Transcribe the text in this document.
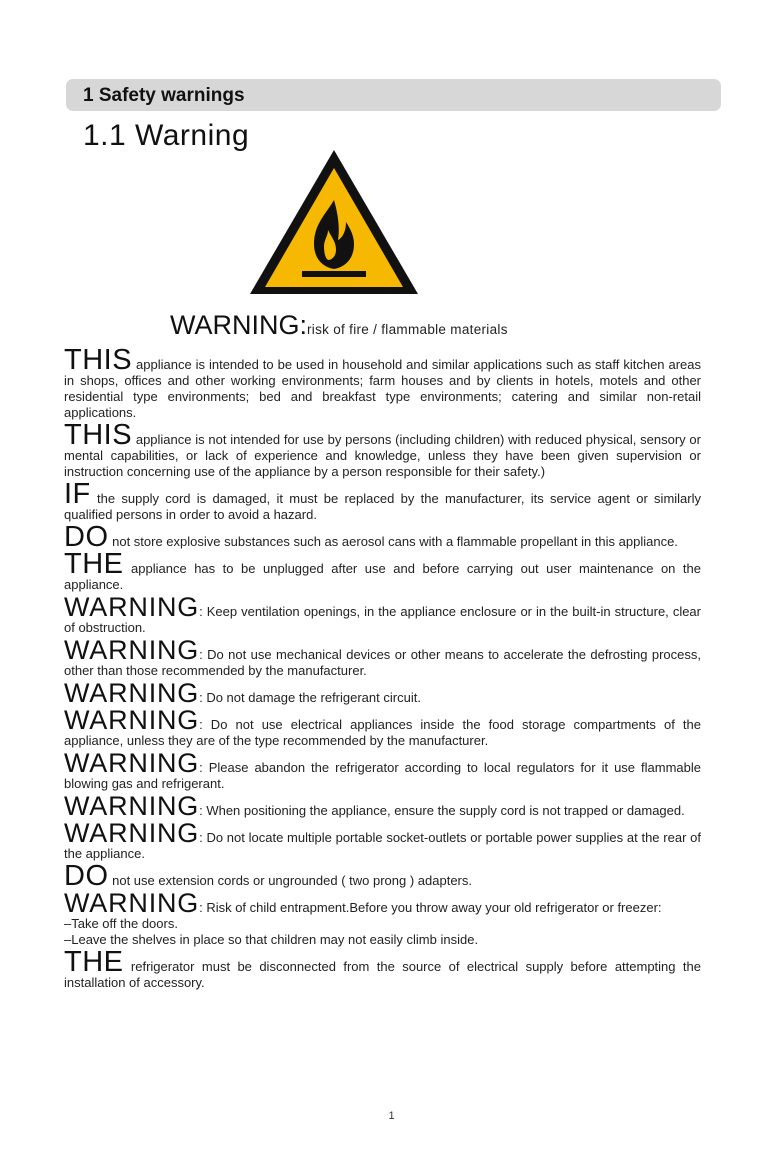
1 Safety warnings
1.1 Warning
WARNING:risk of fire / flammable materials

THIS appliance is intended to be used in household and similar applications such as staff kitchen areas in shops, offices and other working environments; farm houses and by clients in hotels, motels and other residential type environments; bed and breakfast type environments; catering and similar non-retail applications.

THIS appliance is not intended for use by persons (including children) with reduced physical, sensory or mental capabilities, or lack of experience and knowledge, unless they have been given supervision or instruction concerning use of the appliance by a person responsible for their safety.)

IF the supply cord is damaged, it must be replaced by the manufacturer, its service agent or similarly qualified persons in order to avoid a hazard.

DO not store explosive substances such as aerosol cans with a flammable propellant in this appliance.

THE appliance has to be unplugged after use and before carrying out user maintenance on the appliance.

WARNING: Keep ventilation openings, in the appliance enclosure or in the built-in structure, clear of obstruction.

WARNING: Do not use mechanical devices or other means to accelerate the defrosting process, other than those recommended by the manufacturer.

WARNING: Do not damage the refrigerant circuit.

WARNING: Do not use electrical appliances inside the food storage compartments of the appliance, unless they are of the type recommended by the manufacturer.

WARNING: Please abandon the refrigerator according to local regulators for it use flammable blowing gas and refrigerant.

WARNING: When positioning the appliance, ensure the supply cord is not trapped or damaged.

WARNING: Do not locate multiple portable socket-outlets or portable power supplies at the rear of the appliance.

DO not use extension cords or ungrounded ( two prong ) adapters.

WARNING: Risk of child entrapment.Before you throw away your old refrigerator or freezer:
–Take off the doors.
–Leave the shelves in place so that children may not easily climb inside.

THE refrigerator must be disconnected from the source of electrical supply before attempting the installation of accessory.

1
